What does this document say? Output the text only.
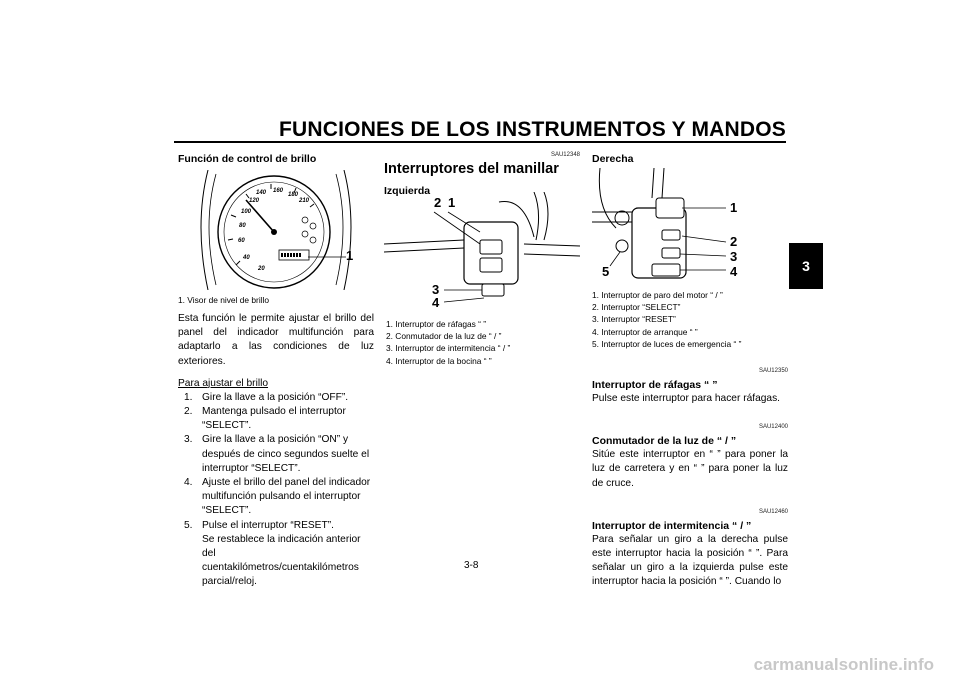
FUNCIONES DE LOS INSTRUMENTOS Y MANDOS
3
Función de control de brillo
40
60
80
100
120
140 160
180
210
20
1
1. Visor de nivel de brillo
Esta función le permite ajustar el brillo del panel del indicador multifunción para adaptarlo a las condiciones de luz exteriores.
Para ajustar el brillo
1. Gire la llave a la posición “OFF”.
2. Mantenga pulsado el interruptor “SELECT”.
3. Gire la llave a la posición “ON” y después de cinco segundos suelte el interruptor “SELECT”.
4. Ajuste el brillo del panel del indicador multifunción pulsando el interruptor “SELECT”.
5. Pulse el interruptor “RESET”.
Se restablece la indicación anterior del cuentakilómetros/cuentakilómetros parcial/reloj.
SAU12348
Interruptores del manillar
Izquierda
2 1
3
4
1. Interruptor de ráfagas “ ”
2. Conmutador de la luz de “ / ”
3. Interruptor de intermitencia “ / ”
4. Interruptor de la bocina “ ”
Derecha
1
2
3
5	4
1. Interruptor de paro del motor “ / ”
2. Interruptor “SELECT”
3. Interruptor “RESET”
4. Interruptor de arranque “ ”
5. Interruptor de luces de emergencia “ ”
SAU12350
Interruptor de ráfagas “ ”
Pulse este interruptor para hacer ráfagas.
SAU12400
Conmutador de la luz de “ / ”
Sitúe este interruptor en “ ” para poner la luz de carretera y en “ ” para poner la luz de cruce.
SAU12460
Interruptor de intermitencia “ / ”
Para señalar un giro a la derecha pulse este interruptor hacia la posición “ ”. Para señalar un giro a la izquierda pulse este interruptor hacia la posición “ ”. Cuando lo
3-8
carmanualsonline.info
